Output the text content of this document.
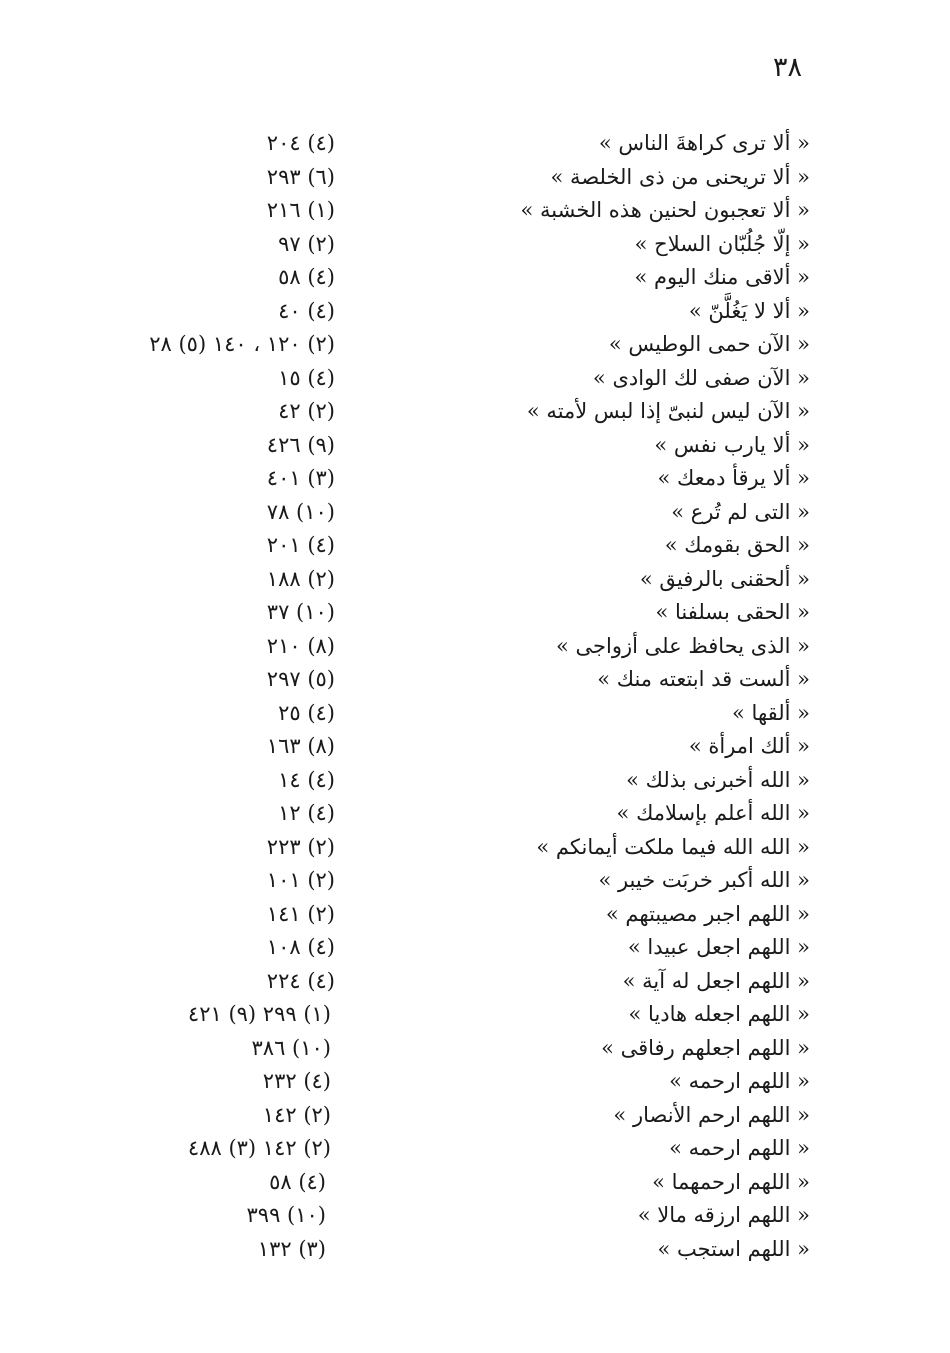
٣٨
« ألا ترى كراهةَ الناس »
(٤) ٢٠٤
« ألا تريحنى من ذى الخلصة »
(٦) ٢٩٣
« ألا تعجبون لحنين هذه الخشبة »
(١) ٢١٦
« إلّا جُلُبّان السلاح »
(٢) ٩٧
« ألاقى منك اليوم »
(٤) ٥٨
« ألا لا يَغُلَّنّ »
(٤) ٤٠
« الآن حمى الوطيس »
(٢) ١٢٠ ، ١٤٠ (٥) ٢٨
« الآن صفى لك الوادى »
(٤) ١٥
« الآن ليس لنبىّ إذا لبس لأمته »
(٢) ٤٢
« ألا يارب نفس »
(٩) ٤٢٦
« ألا يرقأ دمعك »
(٣) ٤٠١
« التى لم تُرع »
(١٠) ٧٨
« الحق بقومك »
(٤) ٢٠١
« ألحقنى بالرفيق »
(٢) ١٨٨
« الحقى بسلفنا »
(١٠) ٣٧
« الذى يحافظ على أزواجى »
(٨) ٢١٠
« ألست قد ابتعته منك »
(٥) ٢٩٧
« ألقها »
(٤) ٢٥
« ألك امرأة »
(٨) ١٦٣
« الله أخبرنى بذلك »
(٤) ١٤
« الله أعلم بإسلامك »
(٤) ١٢
« الله الله فيما ملكت أيمانكم »
(٢) ٢٢٣
« الله أكبر خربَت خيبر »
(٢) ١٠١
« اللهم اجبر مصيبتهم »
(٢) ١٤١
« اللهم اجعل عبيدا »
(٤) ١٠٨
« اللهم اجعل له آية »
(٤) ٢٢٤
« اللهم اجعله هاديا »
(١) ٢٩٩ (٩) ٤٢١
« اللهم اجعلهم رفاقى »
(١٠) ٣٨٦
« اللهم ارحمه »
(٤) ٢٣٢
« اللهم ارحم الأنصار »
(٢) ١٤٢
« اللهم ارحمه »
(٢) ١٤٢ (٣) ٤٨٨
« اللهم ارحمهما »
(٤) ٥٨
« اللهم ارزقه مالا »
(١٠) ٣٩٩
« اللهم استجب »
(٣) ١٣٢
